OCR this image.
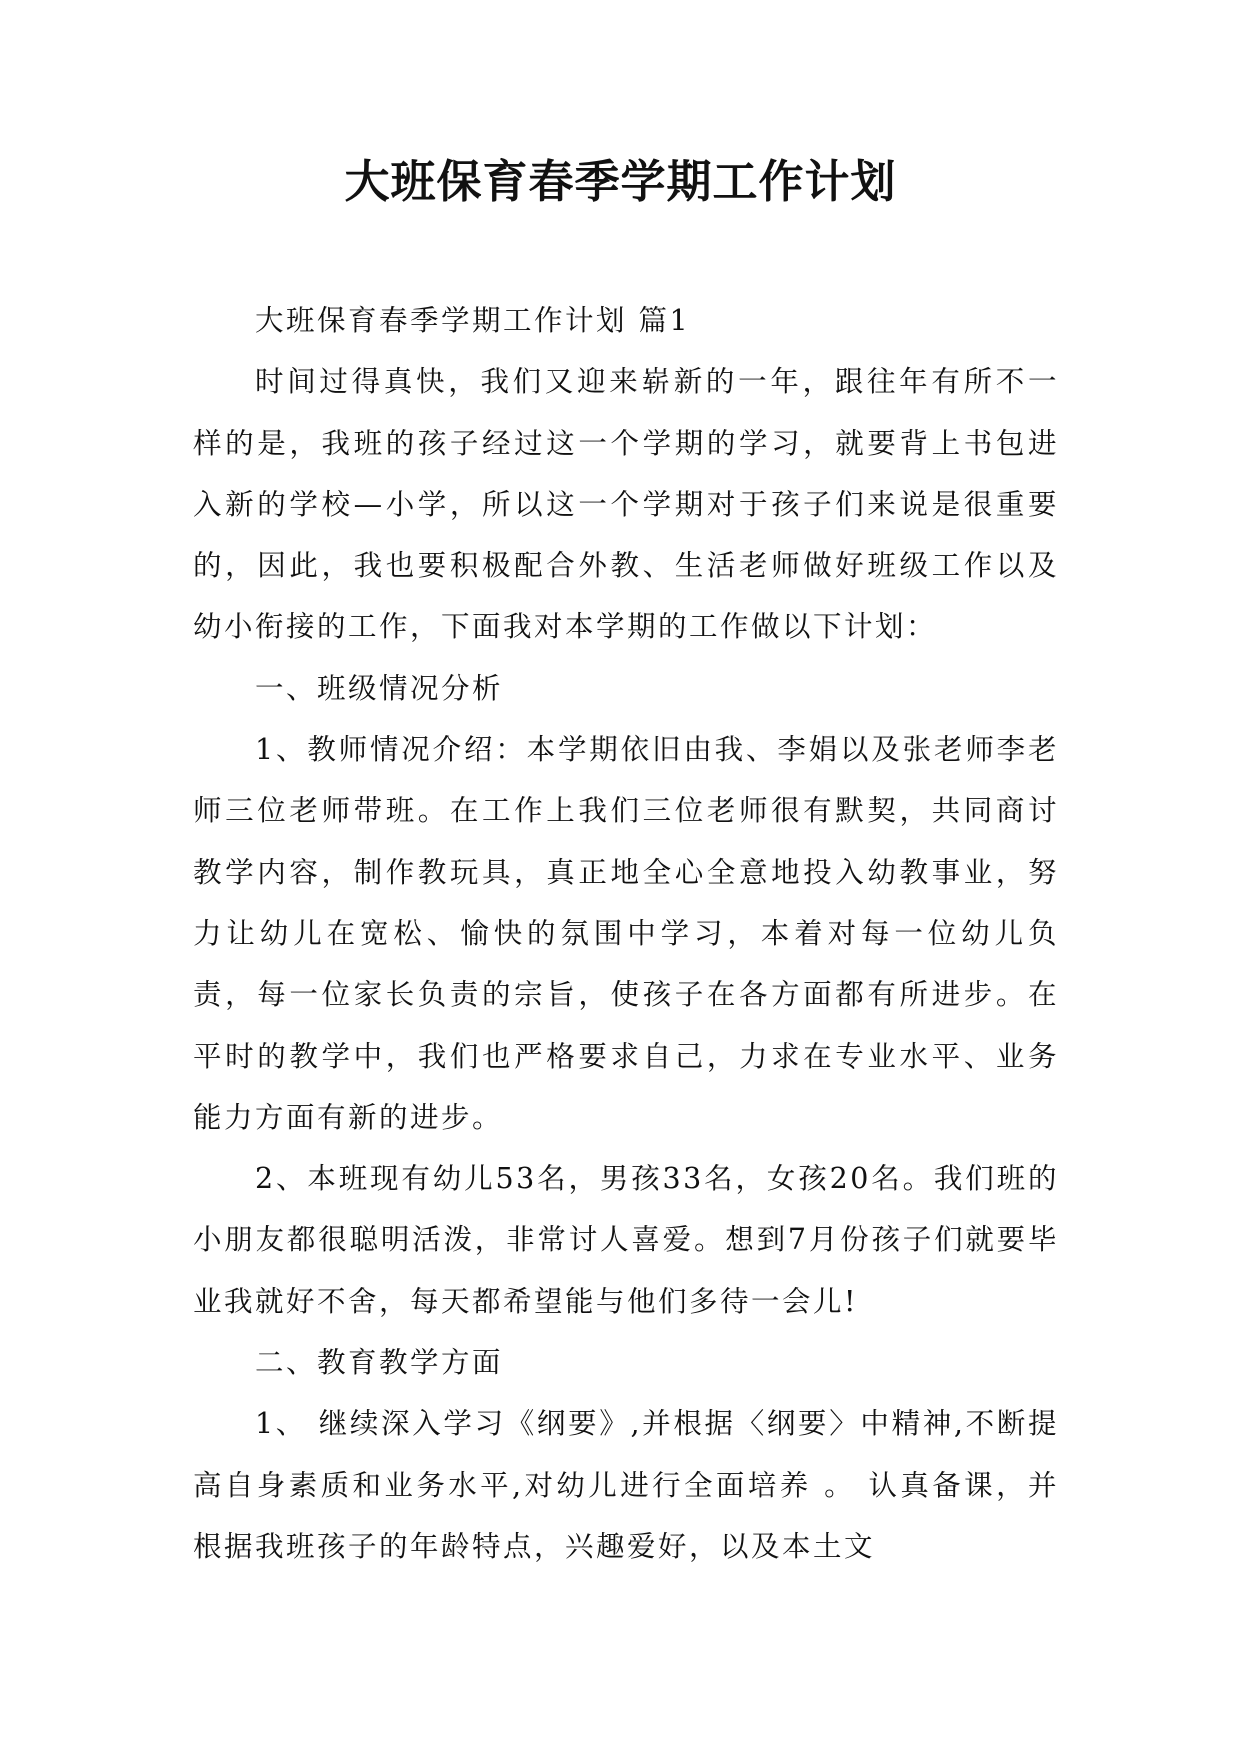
大班保育春季学期工作计划

大班保育春季学期工作计划 篇1

时间过得真快，我们又迎来崭新的一年，跟往年有所不一样的是，我班的孩子经过这一个学期的学习，就要背上书包进入新的学校—小学，所以这一个学期对于孩子们来说是很重要的，因此，我也要积极配合外教、生活老师做好班级工作以及幼小衔接的工作，下面我对本学期的工作做以下计划：

一、班级情况分析

1、教师情况介绍：本学期依旧由我、李娟以及张老师李老师三位老师带班。在工作上我们三位老师很有默契，共同商讨教学内容，制作教玩具，真正地全心全意地投入幼教事业，努力让幼儿在宽松、愉快的氛围中学习，本着对每一位幼儿负责，每一位家长负责的宗旨，使孩子在各方面都有所进步。在平时的教学中，我们也严格要求自己，力求在专业水平、业务能力方面有新的进步。

2、本班现有幼儿53名，男孩33名，女孩20名。我们班的小朋友都很聪明活泼，非常讨人喜爱。想到7月份孩子们就要毕业我就好不舍，每天都希望能与他们多待一会儿!

二、教育教学方面

1、 继续深入学习《纲要》,并根据〈纲要〉中精神,不断提高自身素质和业务水平,对幼儿进行全面培养 。 认真备课，并根据我班孩子的年龄特点，兴趣爱好，以及本土文
